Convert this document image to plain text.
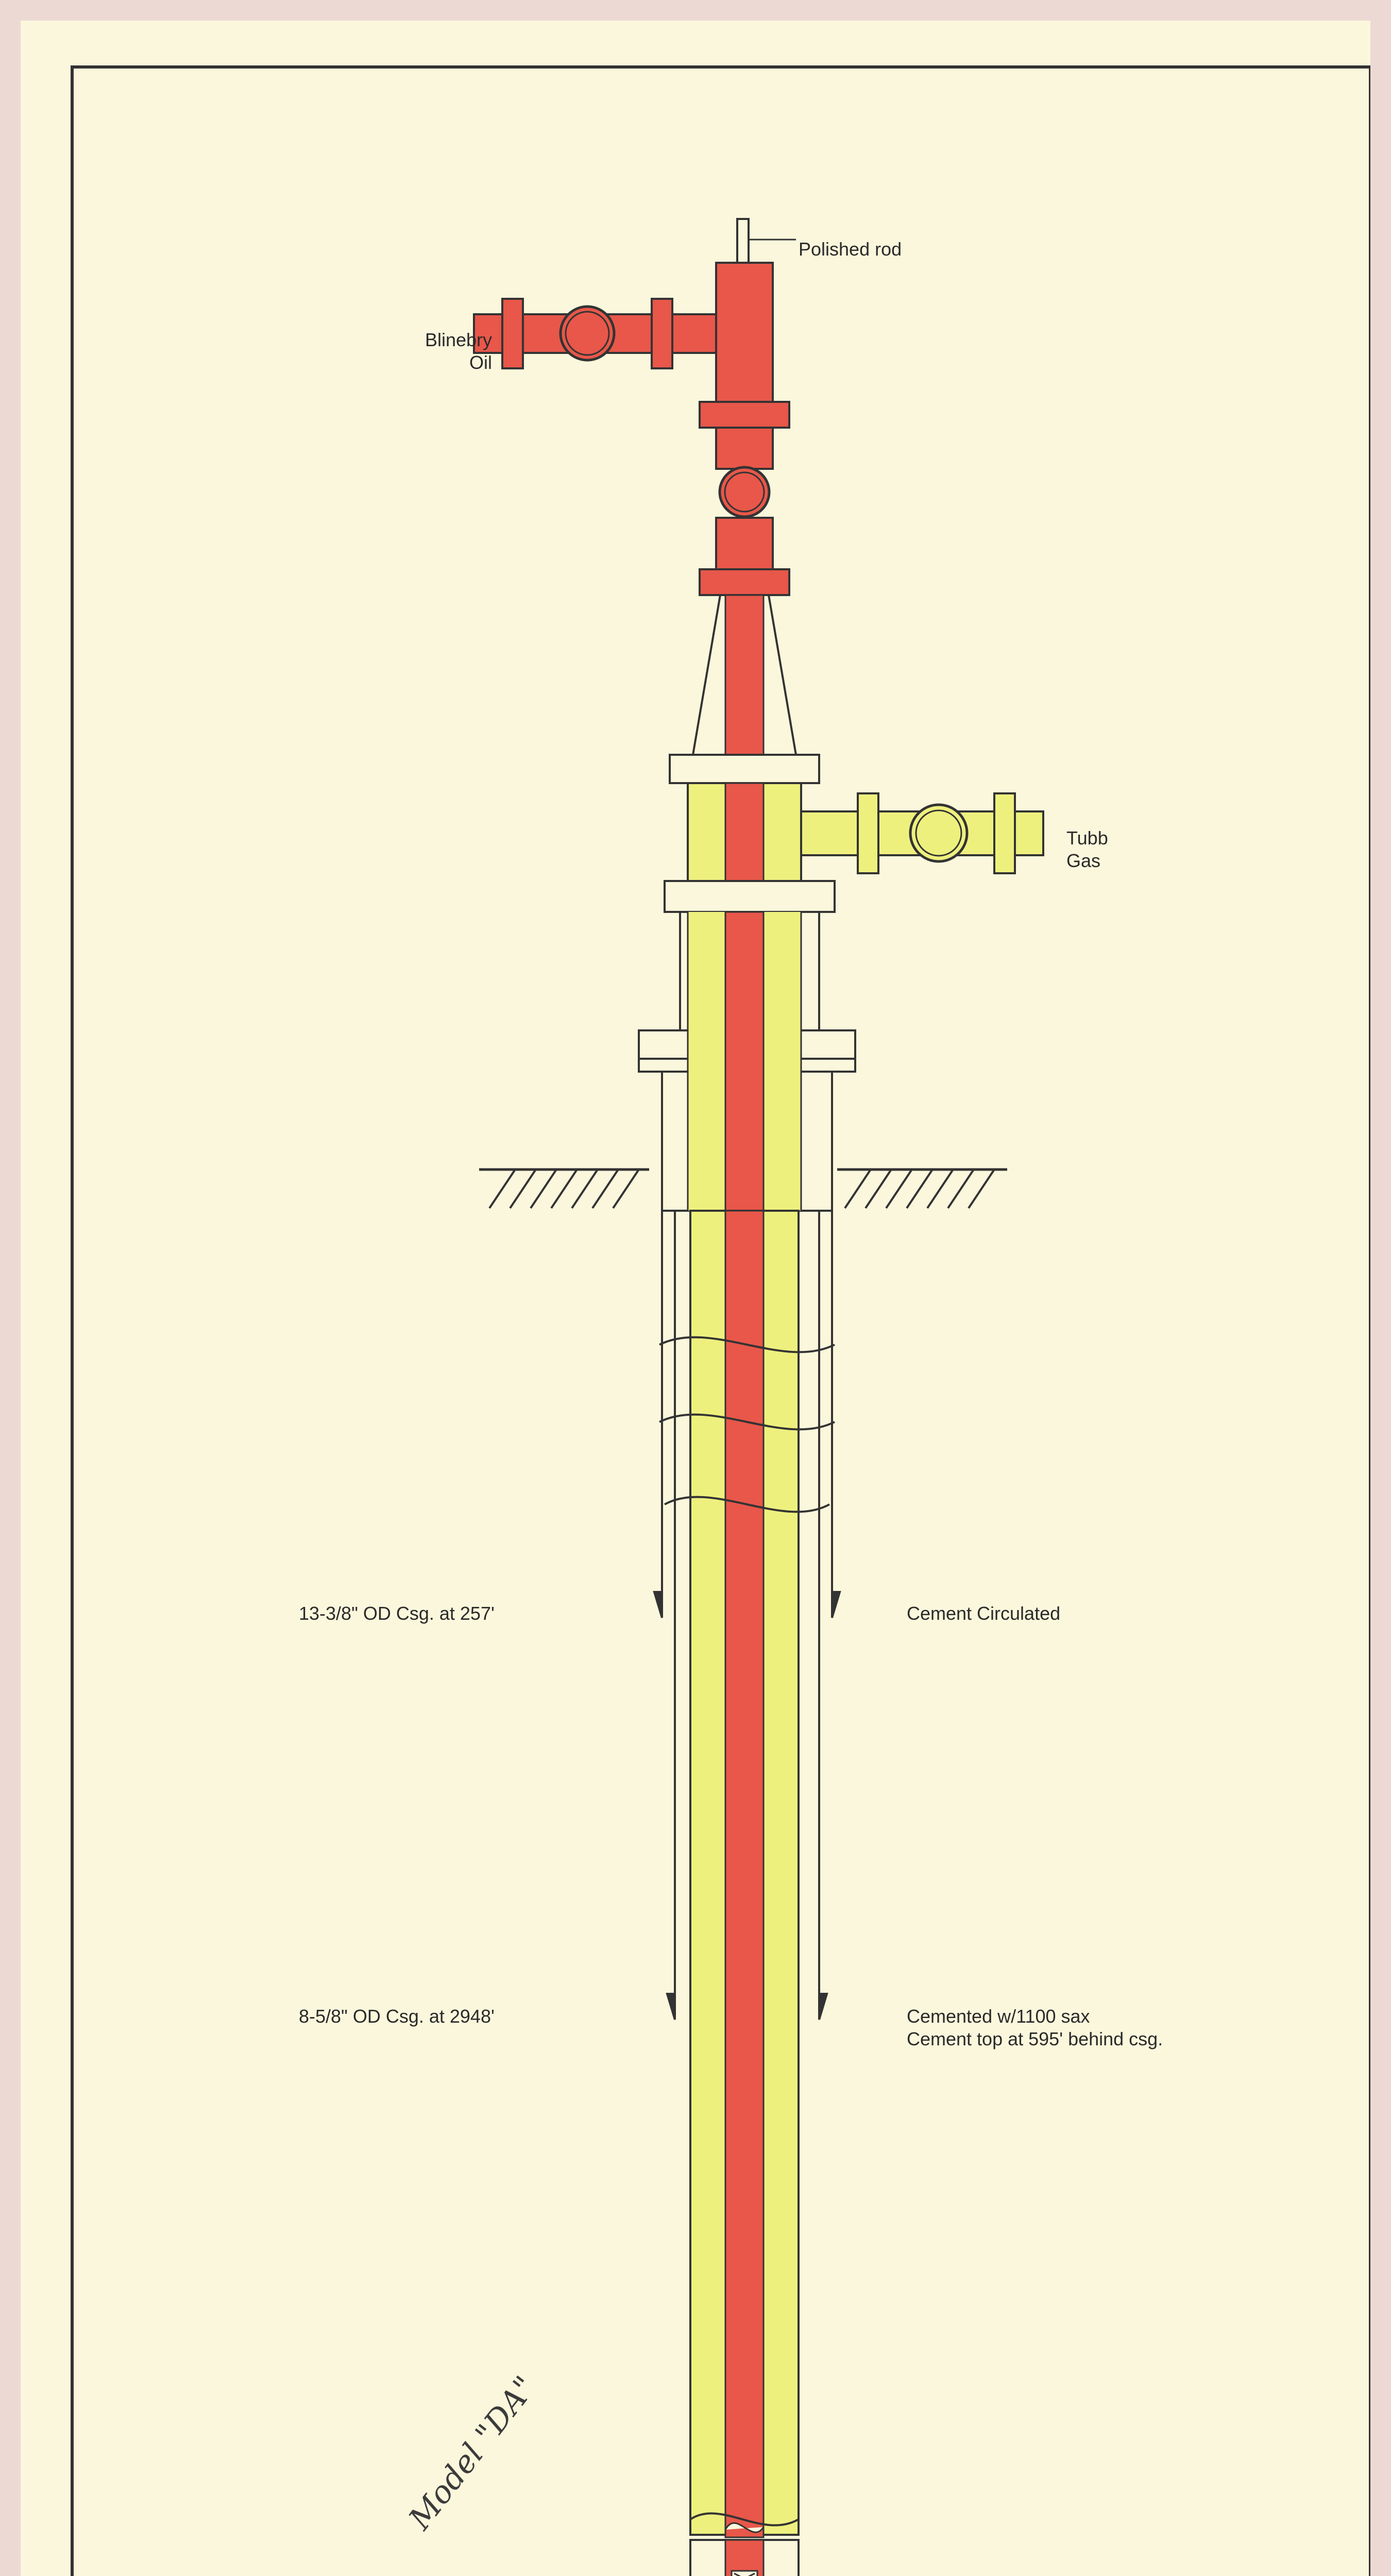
Polished rod
Blinebry
Oil
Tubb
Gas
13-3/8" OD Csg. at 257'
8-5/8" OD Csg. at 2948'
Cement Circulated
Cemented w/1100 sax
Cement top at 595' behind csg.
Model "DA"
